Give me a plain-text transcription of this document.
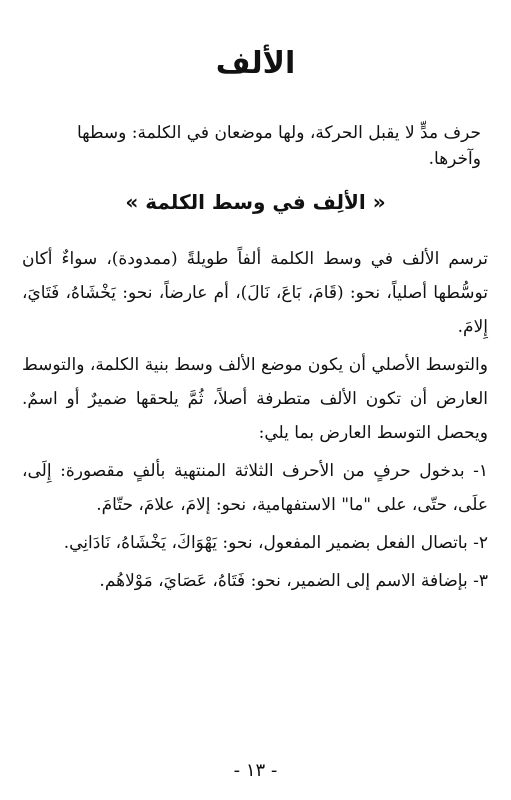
الألف
حرف مدٍّ لا يقبل الحركة، ولها موضعان في الكلمة: وسطها وآخرها.
« الألِف في وسط الكلمة »

ترسم الألف في وسط الكلمة ألفاً طويلةً (ممدودة)، سواءٌ أكان توسُّطها أصلياً، نحو: (قَامَ، بَاعَ، نَالَ)، أم عارضاً، نحو: يَخْشَاهُ، فَتَايَ، إِلامَ.

والتوسط الأصلي أن يكون موضع الألف وسط بنية الكلمة، والتوسط العارض أن تكون الألف متطرفة أصلاً، ثُمَّ يلحقها ضميرٌ أو اسمٌ. ويحصل التوسط العارض بما يلي:

١- بدخول حرفٍ من الأحرف الثلاثة المنتهية بألفٍ مقصورة: إِلَى، علَى، حتّى، على "ما" الاستفهامية، نحو: إلامَ، علامَ، حتّامَ.

٢- باتصال الفعل بضمير المفعول، نحو: يَهْوَاكَ، يَخْشَاهُ، نَادَانِي.

٣- بإضافة الاسم إلى الضمير، نحو: فَتَاهُ، عَصَايَ، مَوْلاهُم.

- ١٣ -
